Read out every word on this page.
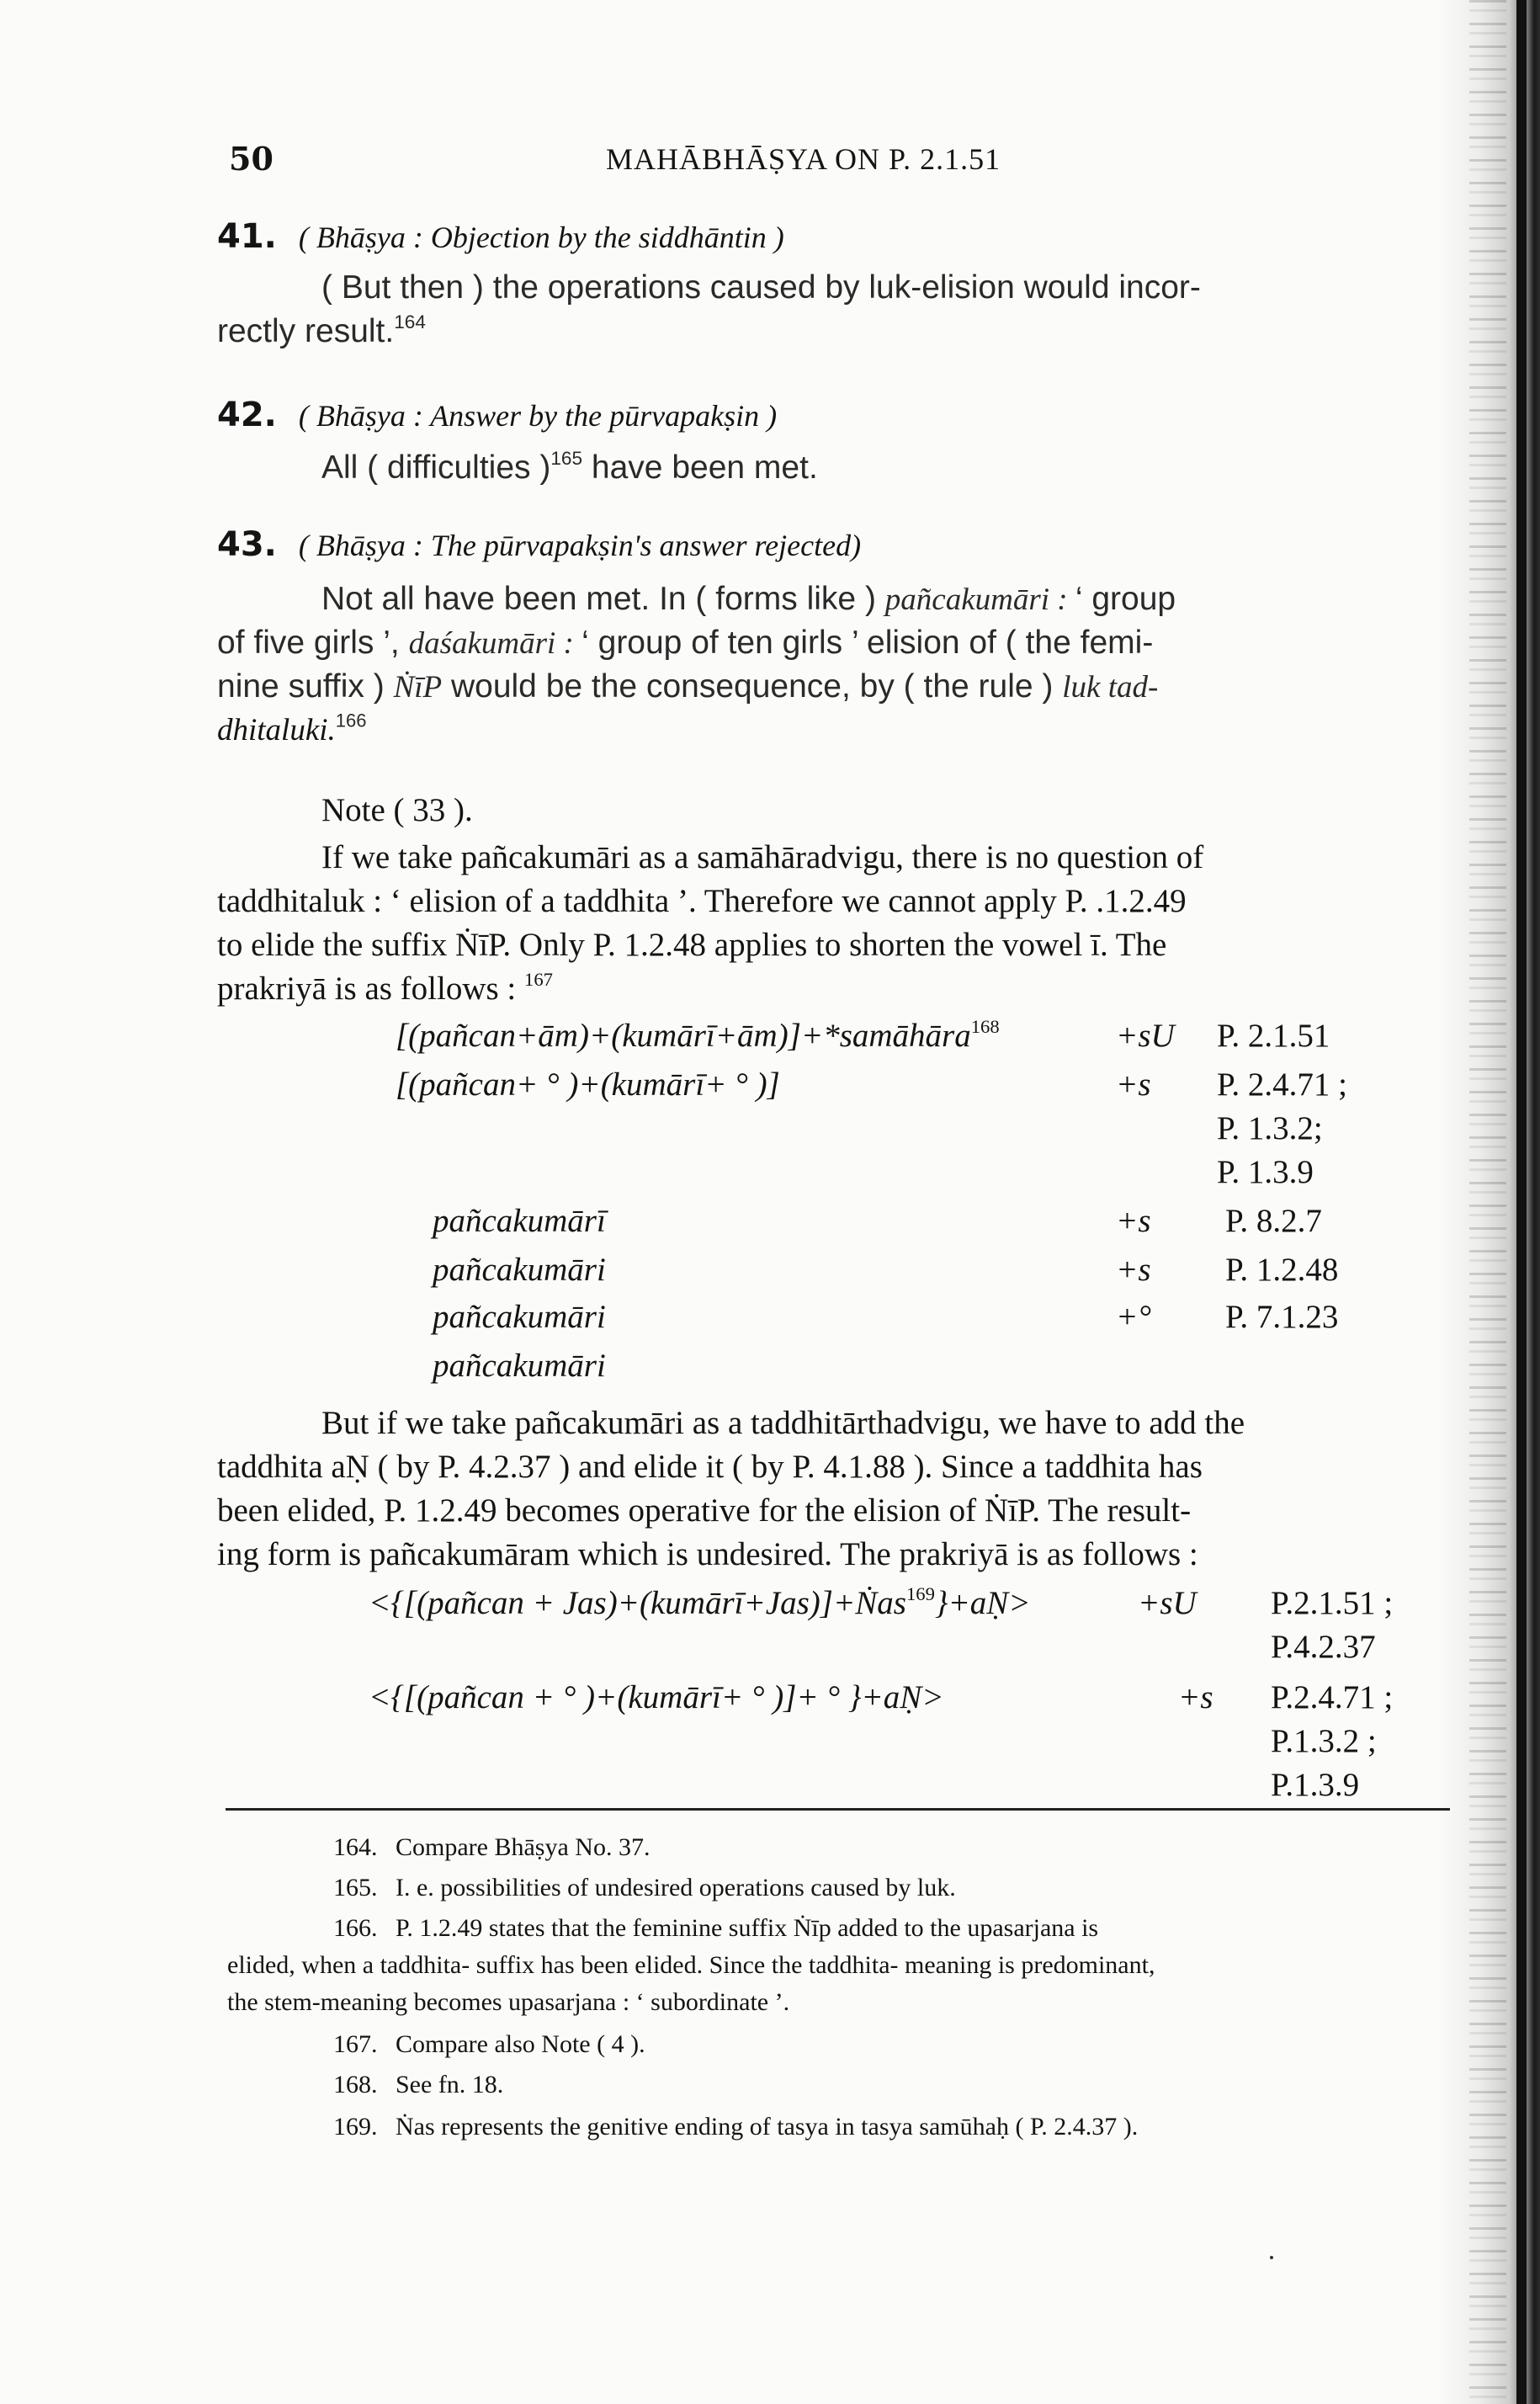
50	MAHĀBHĀṢYA ON P. 2.1.51
41. ( Bhāṣya : Objection by the siddhāntin )
( But then ) the operations caused by luk-elision would incor-
rectly result.$^{164}$
42. ( Bhāṣya : Answer by the pūrvapakṣin )
All ( difficulties )$^{165}$ have been met.
43. ( Bhāṣya : The pūrvapakṣin's answer rejected)
Not all have been met. In ( forms like ) pañcakumāri : ‘ group
of five girls ’, daśakumāri : ‘ group of ten girls ’ elision of ( the femi-
nine suffix ) ṄīP would be the consequence, by ( the rule ) luk tad-
dhitaluki.$^{166}$
Note ( 33 ).
If we take pañcakumāri as a samāhāradvigu, there is no question of
taddhitaluk : ‘ elision of a taddhita ’. Therefore we cannot apply P. .1.2.49
to elide the suffix ṄīP. Only P. 1.2.48 applies to shorten the vowel ī. The
prakriyā is as follows : $^{167}$
[(pañcan+ām)+(kumārī+ām)]+*samāhāra$^{168}$	+sU P. 2.1.51
[(pañcan+ ° )+(kumārī+ ° )]	+s P. 2.4.71 ;
P. 1.3.2;
P. 1.3.9
pañcakumārī	+s P. 8.2.7
pañcakumāri	+s P. 1.2.48
pañcakumāri	+° P. 7.1.23
pañcakumāri
But if we take pañcakumāri as a taddhitārthadvigu, we have to add the
taddhita aṆ ( by P. 4.2.37 ) and elide it ( by P. 4.1.88 ). Since a taddhita has
been elided, P. 1.2.49 becomes operative for the elision of ṄīP. The result-
ing form is pañcakumāram which is undesired. The prakriyā is as follows :
<{[(pañcan + Jas)+(kumārī+Jas)]+Ṅas$^{169}$}+aṆ>	+sU P.2.1.51 ;
P.4.2.37
<{[(pañcan + ° )+(kumārī+ ° )]+ ° }+aṆ>	+s P.2.4.71 ;
P.1.3.2 ;
P.1.3.9
164. Compare Bhāṣya No. 37.
165. I. e. possibilities of undesired operations caused by luk.
166. P. 1.2.49 states that the feminine suffix Ṅīp added to the upasarjana is
elided, when a taddhita- suffix has been elided. Since the taddhita- meaning is predominant,
the stem-meaning becomes upasarjana : ‘ subordinate ’.
167. Compare also Note ( 4 ).
168. See fn. 18.
169. Ṅas represents the genitive ending of tasya in tasya samūhaḥ ( P. 2.4.37 ).
